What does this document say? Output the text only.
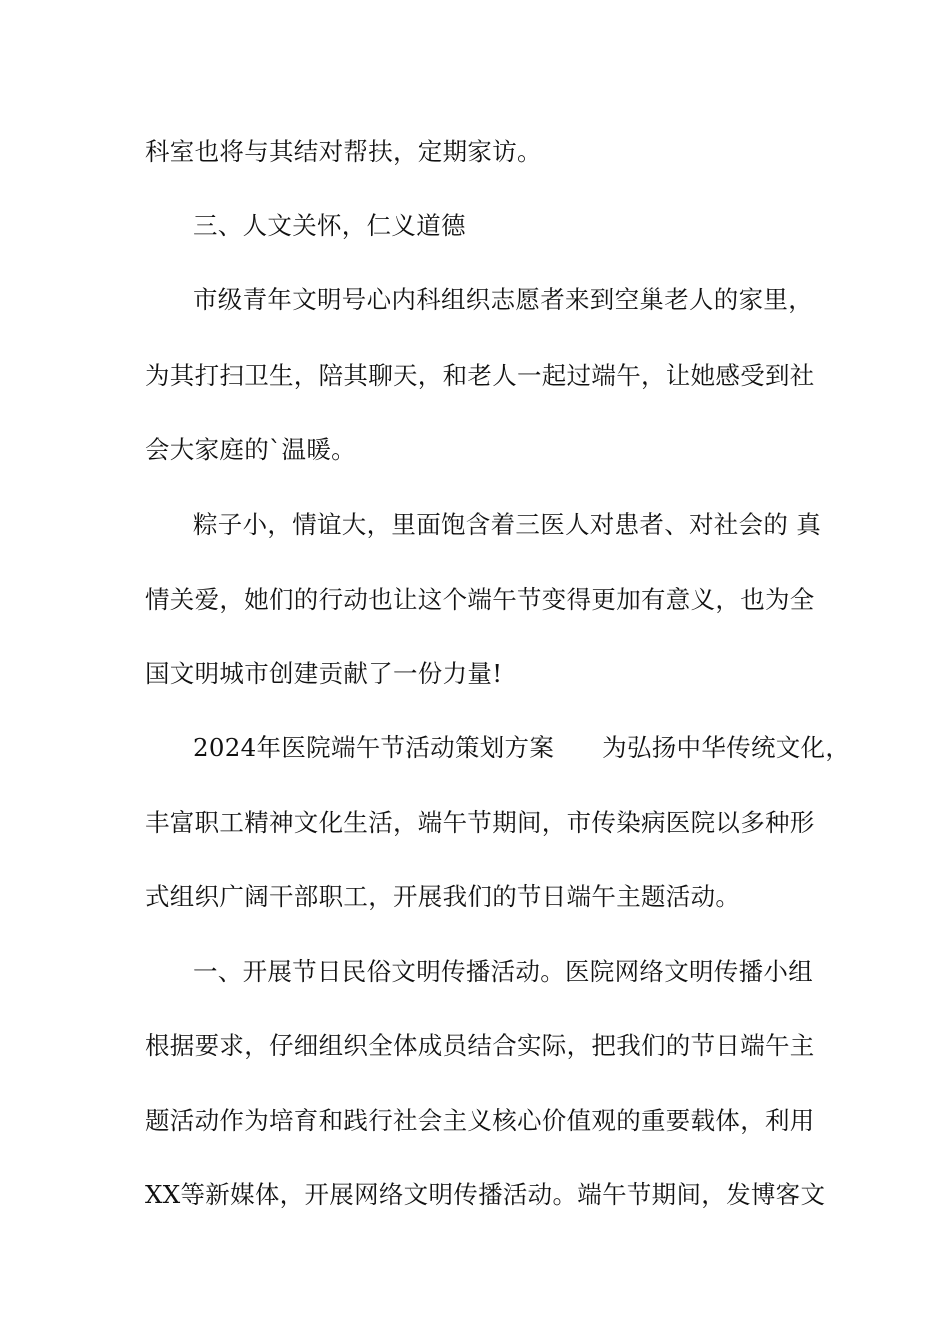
科室也将与其结对帮扶，定期家访。
三、人文关怀，仁义道德
市级青年文明号心内科组织志愿者来到空巢老人的家里，
为其打扫卫生，陪其聊天，和老人一起过端午，让她感受到社
会大家庭的`温暖。
粽子小，情谊大，里面饱含着三医人对患者、对社会的 真
情关爱，她们的行动也让这个端午节变得更加有意义，也为全
国文明城市创建贡献了一份力量!
2024年医院端午节活动策划方案 为弘扬中华传统文化，
丰富职工精神文化生活，端午节期间，市传染病医院以多种形
式组织广阔干部职工，开展我们的节日端午主题活动。
一、开展节日民俗文明传播活动。医院网络文明传播小组
根据要求，仔细组织全体成员结合实际，把我们的节日端午主
题活动作为培育和践行社会主义核心价值观的重要载体，利用
XX等新媒体，开展网络文明传播活动。端午节期间，发博客文
